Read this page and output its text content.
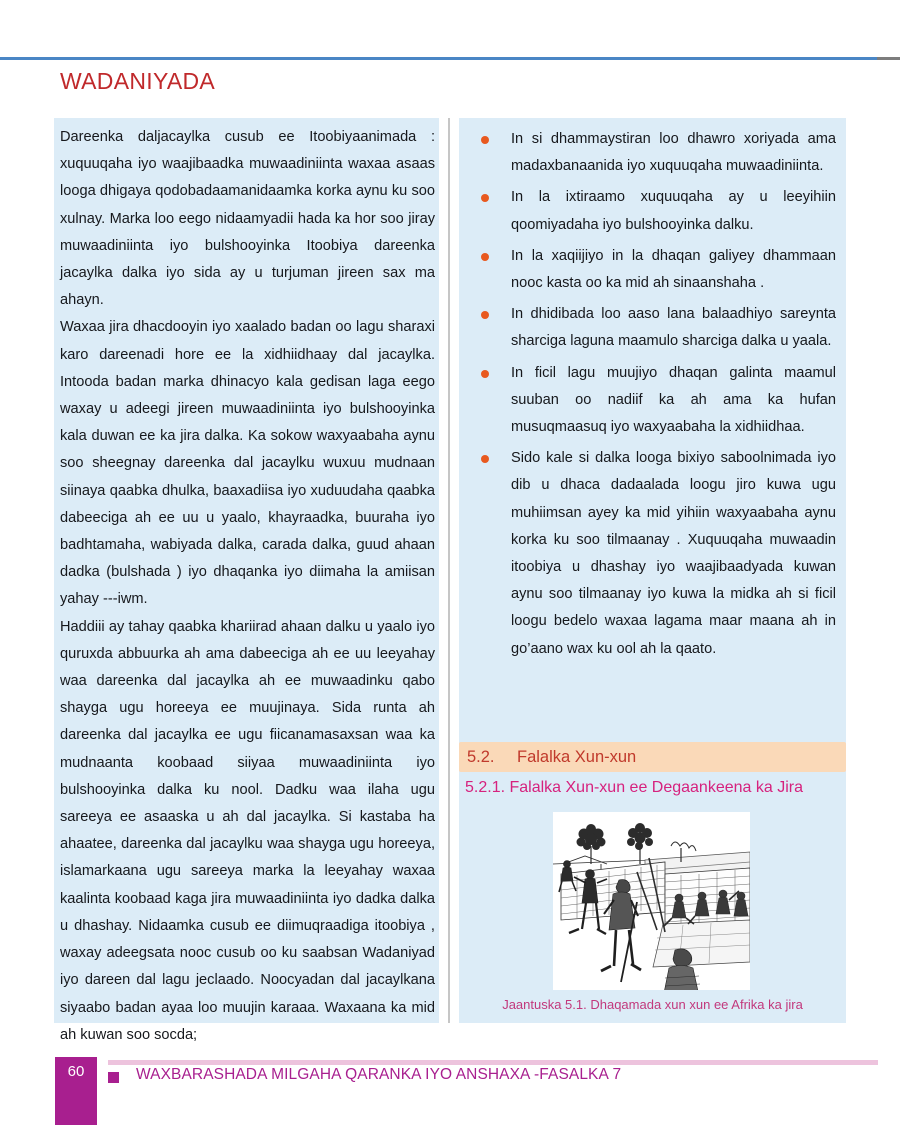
WADANIYADA

Dareenka daljacaylka cusub ee Itoobiyaanimada : xuquuqaha iyo waajibaadka muwaadiniinta waxaa asaas looga dhigaya qodobadaamanidaamka korka aynu ku soo xulnay. Marka loo eego nidaamyadii hada ka hor soo jiray muwaadiniinta iyo bulshooyinka Itoobiya dareenka jacaylka dalka iyo sida ay u turjuman jireen sax ma ahayn.

Waxaa jira dhacdooyin iyo xaalado badan oo lagu sharaxi karo dareenadi hore ee la xidhiidhaay dal jacaylka. Intooda badan marka dhinacyo kala gedisan laga eego waxay u adeegi jireen muwaadiniinta iyo bulshooyinka kala duwan ee ka jira dalka. Ka sokow waxyaabaha aynu soo sheegnay dareenka dal jacaylku wuxuu mudnaan siinaya qaabka dhulka, baaxadiisa iyo xuduudaha qaabka dabeeciga ah ee uu u yaalo, khayraadka, buuraha iyo badhtamaha, wabiyada dalka, carada dalka, guud ahaan dadka (bulshada ) iyo dhaqanka iyo diimaha la amiisan yahay ---iwm.

Haddiii ay tahay qaabka khariirad ahaan dalku u yaalo iyo quruxda abbuurka ah ama dabeeciga ah ee uu leeyahay waa dareenka dal jacaylka ah ee muwaadinku qabo shayga ugu horeeya ee muujinaya. Sida runta ah dareenka dal jacaylka ee ugu fiicanamasaxsan waa ka mudnaanta koobaad siiyaa muwaadiniinta iyo bulshooyinka dalka ku nool. Dadku waa ilaha ugu sareeya ee asaaska u ah dal jacaylka. Si kastaba ha ahaatee, dareenka dal jacaylku waa shayga ugu horeeya, islamarkaana ugu sareeya marka la leeyahay waxaa kaalinta koobaad kaga jira muwaadiniinta iyo dadka dalka u dhashay. Nidaamka cusub ee diimuqraadiga itoobiya , waxay adeegsata nooc cusub oo ku saabsan Wadaniyad iyo dareen dal lagu jeclaado. Noocyadan dal jacaylkana siyaabo badan ayaa loo muujin karaaa. Waxaana ka mid ah kuwan soo socda;

In si dhammaystiran loo dhawro xoriyada ama madaxbanaanida iyo xuquuqaha muwaadiniinta.
In la ixtiraamo xuquuqaha ay u leeyihiin qoomiyadaha iyo bulshooyinka dalku.
In la xaqiijiyo in la dhaqan galiyey dhammaan nooc kasta oo ka mid ah sinaanshaha .
In dhidibada loo aaso lana balaadhiyo sareynta sharciga laguna maamulo sharciga dalka u yaala.
In ficil lagu muujiyo dhaqan galinta maamul suuban oo nadiif ka ah ama ka hufan musuqmaasuq iyo waxyaabaha la xidhiidhaa.
Sido kale si dalka looga bixiyo saboolnimada iyo dib u dhaca dadaalada loogu jiro kuwa ugu muhiimsan ayey ka mid yihiin waxyaabaha aynu korka ku soo tilmaanay . Xuquuqaha muwaadin itoobiya u dhashay iyo waajibaadyada kuwan aynu soo tilmaanay iyo kuwa la midka ah si ficil loogu bedelo waxaa lagama maar maana ah in go’aano wax ku ool ah la qaato.
5.2. Falalka Xun-xun
5.2.1. Falalka Xun-xun ee Degaankeena ka Jira
Jaantuska 5.1. Dhaqamada xun xun ee Afrika ka jira
60	WAXBARASHADA MILGAHA QARANKA IYO ANSHAXA -FASALKA 7
